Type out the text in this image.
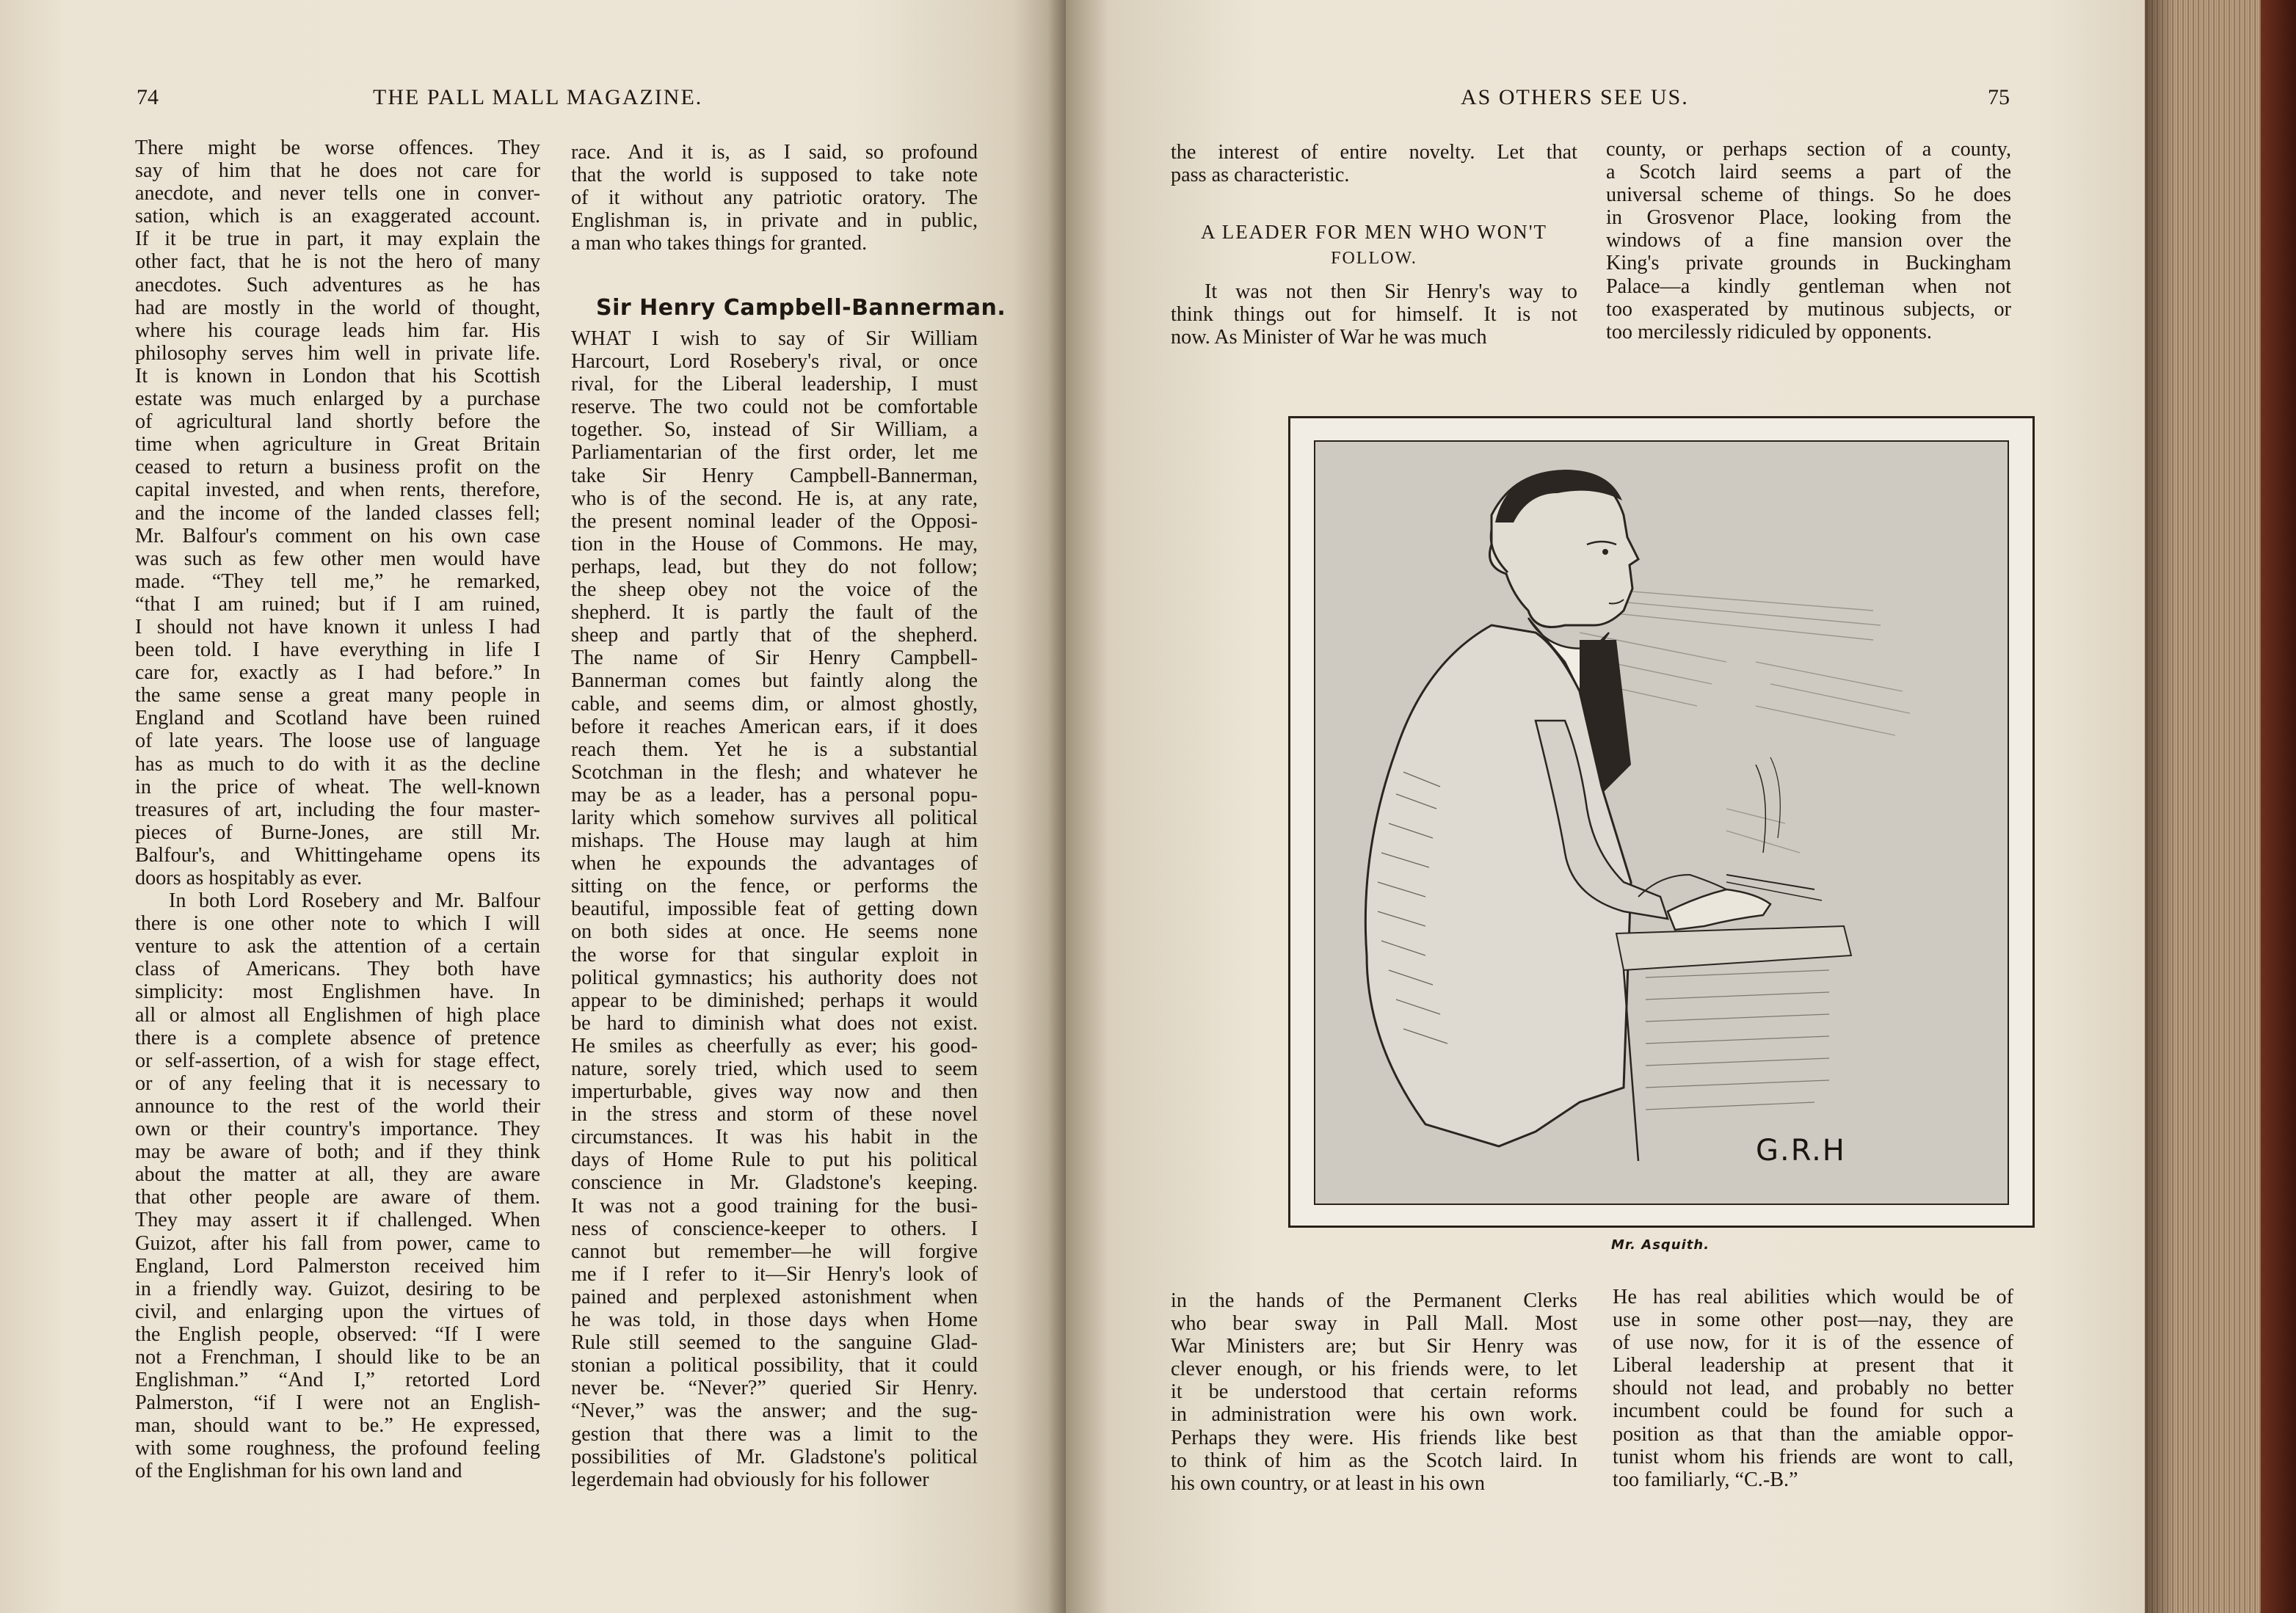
74	THE PALL MALL MAGAZINE.
There might be worse offences. They
say of him that he does not care for
anecdote, and never tells one in conver-
sation, which is an exaggerated account.
If it be true in part, it may explain the
other fact, that he is not the hero of many
anecdotes. Such adventures as he has
had are mostly in the world of thought,
where his courage leads him far. His
philosophy serves him well in private life.
It is known in London that his Scottish
estate was much enlarged by a purchase
of agricultural land shortly before the
time when agriculture in Great Britain
ceased to return a business profit on the
capital invested, and when rents, therefore,
and the income of the landed classes fell;
Mr. Balfour's comment on his own case
was such as few other men would have
made. “They tell me,” he remarked,
“that I am ruined; but if I am ruined,
I should not have known it unless I had
been told. I have everything in life I
care for, exactly as I had before.” In
the same sense a great many people in
England and Scotland have been ruined
of late years. The loose use of language
has as much to do with it as the decline
in the price of wheat. The well-known
treasures of art, including the four master-
pieces of Burne-Jones, are still Mr.
Balfour's, and Whittingehame opens its
doors as hospitably as ever.
In both Lord Rosebery and Mr. Balfour
there is one other note to which I will
venture to ask the attention of a certain
class of Americans. They both have
simplicity: most Englishmen have. In
all or almost all Englishmen of high place
there is a complete absence of pretence
or self-assertion, of a wish for stage effect,
or of any feeling that it is necessary to
announce to the rest of the world their
own or their country's importance. They
may be aware of both; and if they think
about the matter at all, they are aware
that other people are aware of them.
They may assert it if challenged. When
Guizot, after his fall from power, came to
England, Lord Palmerston received him
in a friendly way. Guizot, desiring to be
civil, and enlarging upon the virtues of
the English people, observed: “If I were
not a Frenchman, I should like to be an
Englishman.” “And I,” retorted Lord
Palmerston, “if I were not an English-
man, should want to be.” He expressed,
with some roughness, the profound feeling
of the Englishman for his own land and
race. And it is, as I said, so profound
that the world is supposed to take note
of it without any patriotic oratory. The
Englishman is, in private and in public,
a man who takes things for granted.
Sir Henry Campbell-Bannerman.
WHAT I wish to say of Sir William
Harcourt, Lord Rosebery's rival, or once
rival, for the Liberal leadership, I must
reserve. The two could not be comfortable
together. So, instead of Sir William, a
Parliamentarian of the first order, let me
take Sir Henry Campbell-Bannerman,
who is of the second. He is, at any rate,
the present nominal leader of the Opposi-
tion in the House of Commons. He may,
perhaps, lead, but they do not follow;
the sheep obey not the voice of the
shepherd. It is partly the fault of the
sheep and partly that of the shepherd.
The name of Sir Henry Campbell-
Bannerman comes but faintly along the
cable, and seems dim, or almost ghostly,
before it reaches American ears, if it does
reach them. Yet he is a substantial
Scotchman in the flesh; and whatever he
may be as a leader, has a personal popu-
larity which somehow survives all political
mishaps. The House may laugh at him
when he expounds the advantages of
sitting on the fence, or performs the
beautiful, impossible feat of getting down
on both sides at once. He seems none
the worse for that singular exploit in
political gymnastics; his authority does not
appear to be diminished; perhaps it would
be hard to diminish what does not exist.
He smiles as cheerfully as ever; his good-
nature, sorely tried, which used to seem
imperturbable, gives way now and then
in the stress and storm of these novel
circumstances. It was his habit in the
days of Home Rule to put his political
conscience in Mr. Gladstone's keeping.
It was not a good training for the busi-
ness of conscience-keeper to others. I
cannot but remember—he will forgive
me if I refer to it—Sir Henry's look of
pained and perplexed astonishment when
he was told, in those days when Home
Rule still seemed to the sanguine Glad-
stonian a political possibility, that it could
never be. “Never?” queried Sir Henry.
“Never,” was the answer; and the sug-
gestion that there was a limit to the
possibilities of Mr. Gladstone's political
legerdemain had obviously for his follower
AS OTHERS SEE US.	75
the interest of entire novelty. Let that
pass as characteristic.
A LEADER FOR MEN WHO WON'T
FOLLOW.
It was not then Sir Henry's way to
think things out for himself. It is not
now. As Minister of War he was much
county, or perhaps section of a county,
a Scotch laird seems a part of the
universal scheme of things. So he does
in Grosvenor Place, looking from the
windows of a fine mansion over the
King's private grounds in Buckingham
Palace—a kindly gentleman when not
too exasperated by mutinous subjects, or
too mercilessly ridiculed by opponents.
in the hands of the Permanent Clerks
who bear sway in Pall Mall. Most
War Ministers are; but Sir Henry was
clever enough, or his friends were, to let
it be understood that certain reforms
in administration were his own work.
Perhaps they were. His friends like best
to think of him as the Scotch laird. In
his own country, or at least in his own
He has real abilities which would be of
use in some other post—nay, they are
of use now, for it is of the essence of
Liberal leadership at present that it
should not lead, and probably no better
incumbent could be found for such a
position as that than the amiable oppor-
tunist whom his friends are wont to call,
too familiarly, “C.-B.”
G.R.H
Mr. Asquith.
